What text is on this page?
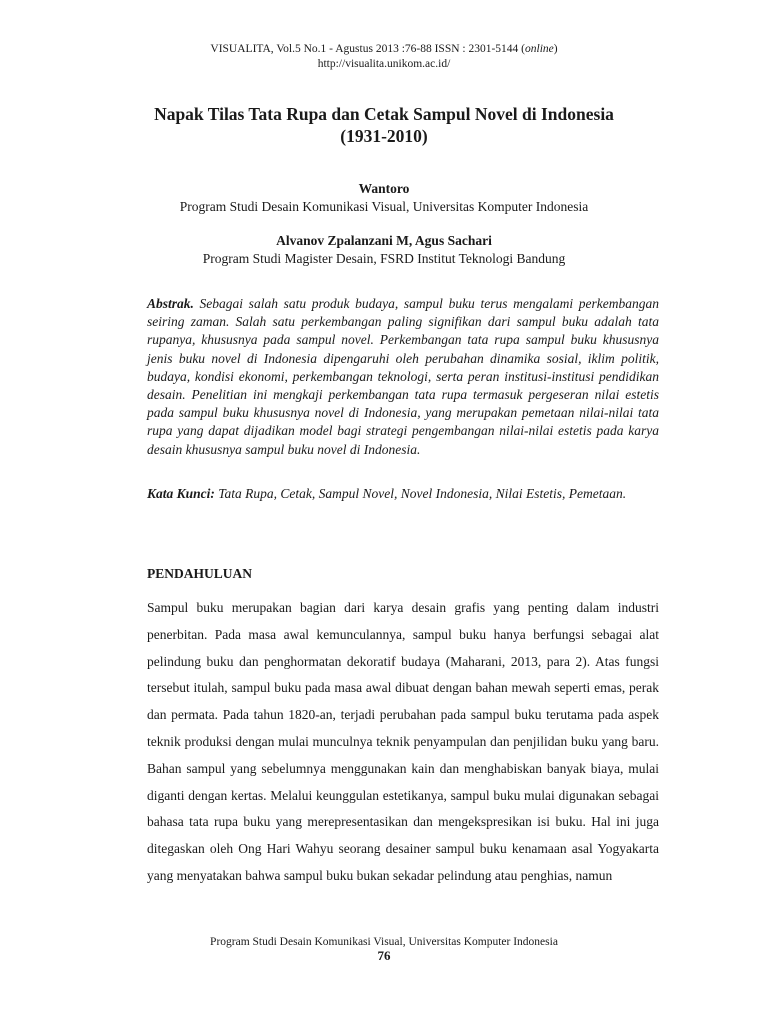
VISUALITA, Vol.5 No.1 - Agustus 2013 :76-88 ISSN : 2301-5144 (online)
http://visualita.unikom.ac.id/
Napak Tilas Tata Rupa dan Cetak Sampul Novel di Indonesia
(1931-2010)
Wantoro
Program Studi Desain Komunikasi Visual, Universitas Komputer Indonesia
Alvanov Zpalanzani M, Agus Sachari
Program Studi Magister Desain, FSRD Institut Teknologi Bandung
Abstrak. Sebagai salah satu produk budaya, sampul buku terus mengalami perkembangan seiring zaman. Salah satu perkembangan paling signifikan dari sampul buku adalah tata rupanya, khususnya pada sampul novel. Perkembangan tata rupa sampul buku khususnya jenis buku novel di Indonesia dipengaruhi oleh perubahan dinamika sosial, iklim politik, budaya, kondisi ekonomi, perkembangan teknologi, serta peran institusi-institusi pendidikan desain. Penelitian ini mengkaji perkembangan tata rupa termasuk pergeseran nilai estetis pada sampul buku khususnya novel di Indonesia, yang merupakan pemetaan nilai-nilai tata rupa yang dapat dijadikan model bagi strategi pengembangan nilai-nilai estetis pada karya desain khususnya sampul buku novel di Indonesia.
Kata Kunci: Tata Rupa, Cetak, Sampul Novel, Novel Indonesia, Nilai Estetis, Pemetaan.
PENDAHULUAN
Sampul buku merupakan bagian dari karya desain grafis yang penting dalam industri penerbitan. Pada masa awal kemunculannya, sampul buku hanya berfungsi sebagai alat pelindung buku dan penghormatan dekoratif budaya (Maharani, 2013, para 2). Atas fungsi tersebut itulah, sampul buku pada masa awal dibuat dengan bahan mewah seperti emas, perak dan permata. Pada tahun 1820-an, terjadi perubahan pada sampul buku terutama pada aspek teknik produksi dengan mulai munculnya teknik penyampulan dan penjilidan buku yang baru. Bahan sampul yang sebelumnya menggunakan kain dan menghabiskan banyak biaya, mulai diganti dengan kertas. Melalui keunggulan estetikanya, sampul buku mulai digunakan sebagai bahasa tata rupa buku yang merepresentasikan dan mengekspresikan isi buku. Hal ini juga ditegaskan oleh Ong Hari Wahyu seorang desainer sampul buku kenamaan asal Yogyakarta yang menyatakan bahwa sampul buku bukan sekadar pelindung atau penghias, namun
Program Studi Desain Komunikasi Visual, Universitas Komputer Indonesia
76
